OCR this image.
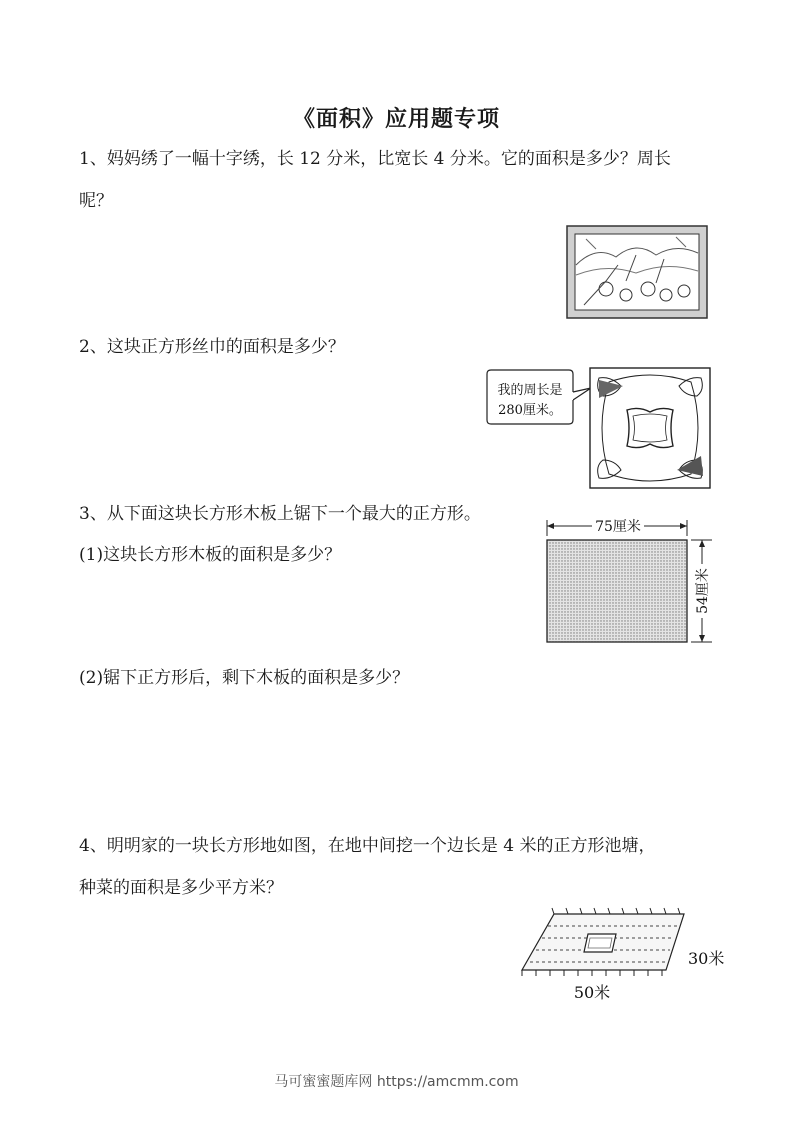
《面积》应用题专项
1、妈妈绣了一幅十字绣，长 12 分米，比宽长 4 分米。它的面积是多少？周长
呢？
2、这块正方形丝巾的面积是多少？
我的周长是
280厘米。
3、从下面这块长方形木板上锯下一个最大的正方形。
(1)这块长方形木板的面积是多少？
(2)锯下正方形后，剩下木板的面积是多少？
75厘米
54厘米
4、明明家的一块长方形地如图，在地中间挖一个边长是 4 米的正方形池塘，
种菜的面积是多少平方米？
30米
50米
马可蜜蜜题库网 https://amcmm.com
